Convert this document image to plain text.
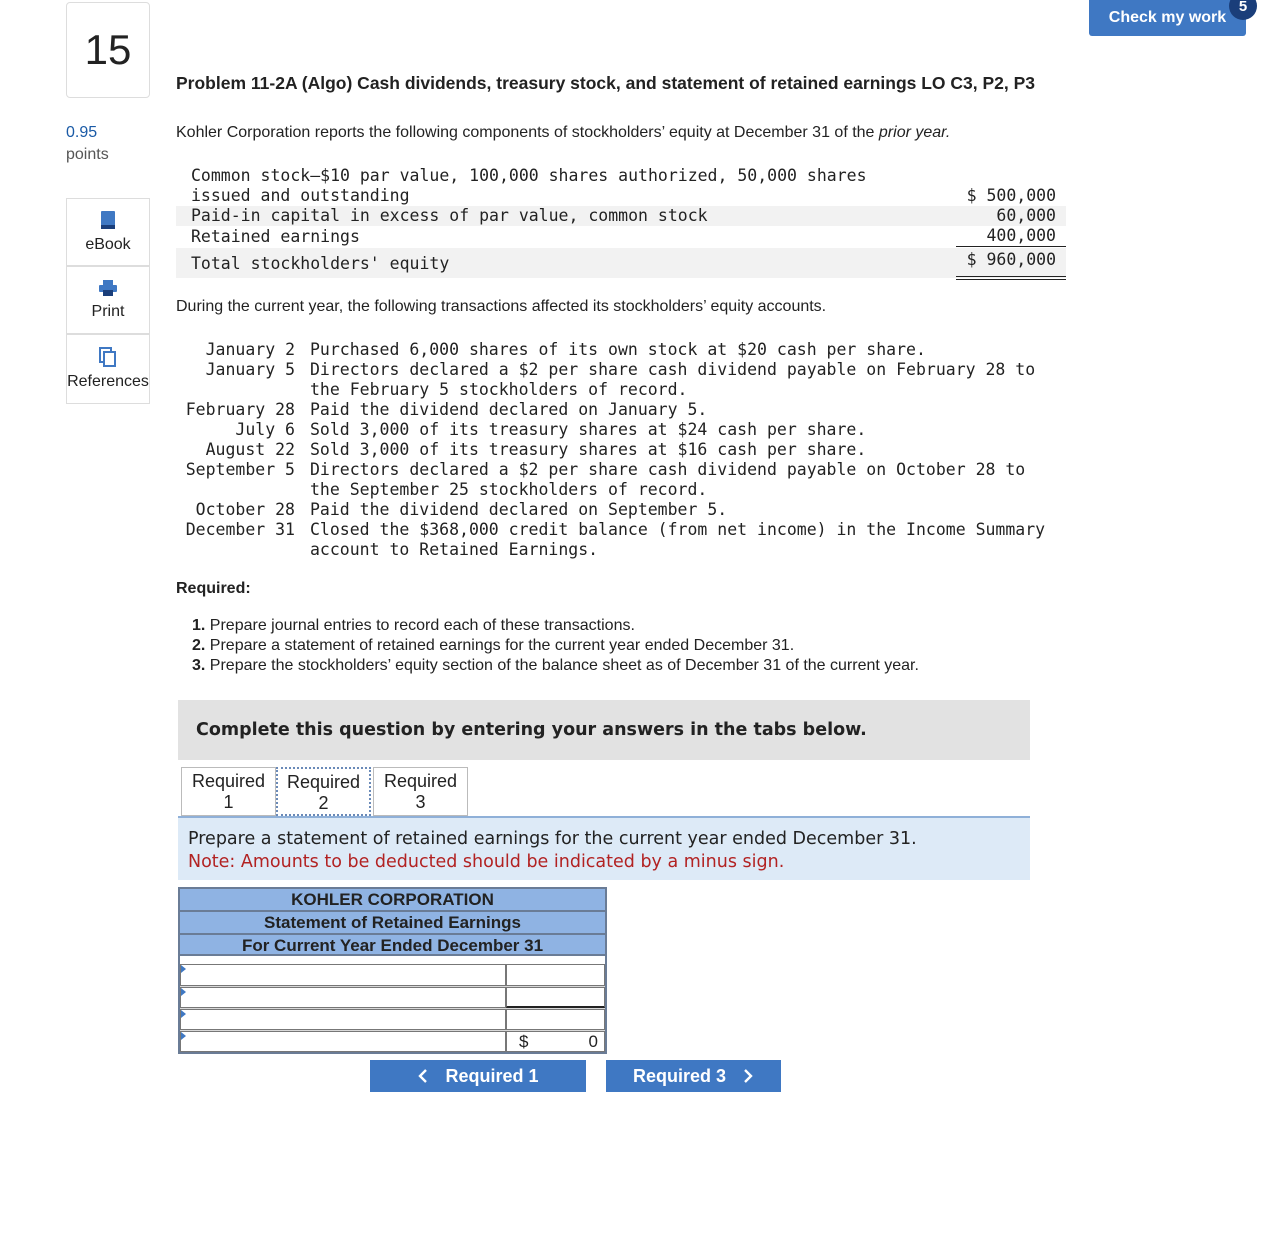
15
0.95
points
eBook
Print
References
Check my work
5
Problem 11-2A (Algo) Cash dividends, treasury stock, and statement of retained earnings LO C3, P2, P3
Kohler Corporation reports the following components of stockholders’ equity at December 31 of the prior year.
Common stock—$10 par value, 100,000 shares authorized, 50,000 shares
issued and outstanding
Paid-in capital in excess of par value, common stock
Retained earnings
Total stockholders' equity
$ 500,000
60,000
400,000
$ 960,000
During the current year, the following transactions affected its stockholders’ equity accounts.
January 2 Purchased 6,000 shares of its own stock at $20 cash per share.
January 5 Directors declared a $2 per share cash dividend payable on February 28 to
the February 5 stockholders of record.
February 28 Paid the dividend declared on January 5.
July 6 Sold 3,000 of its treasury shares at $24 cash per share.
August 22 Sold 3,000 of its treasury shares at $16 cash per share.
September 5 Directors declared a $2 per share cash dividend payable on October 28 to
the September 25 stockholders of record.
October 28 Paid the dividend declared on September 5.
December 31 Closed the $368,000 credit balance (from net income) in the Income Summary
account to Retained Earnings.
Required:
1. Prepare journal entries to record each of these transactions.
2. Prepare a statement of retained earnings for the current year ended December 31.
3. Prepare the stockholders’ equity section of the balance sheet as of December 31 of the current year.
Complete this question by entering your answers in the tabs below.
Required
1
Required
2
Required
3
Prepare a statement of retained earnings for the current year ended December 31.
Note: Amounts to be deducted should be indicated by a minus sign.
KOHLER CORPORATION
Statement of Retained Earnings
For Current Year Ended December 31
$	0
Required 1	Required 3
